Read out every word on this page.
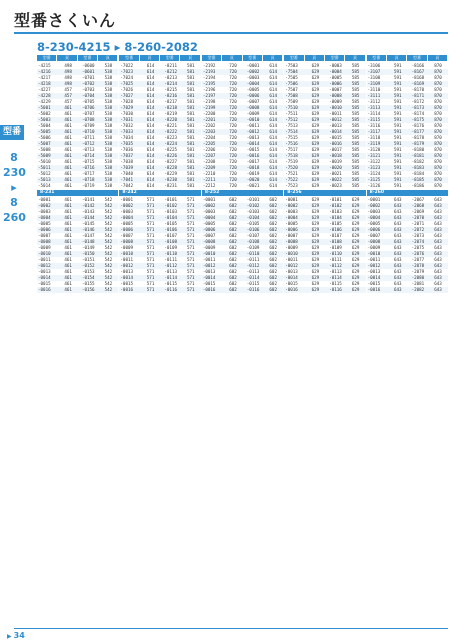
型番さくいん
8-230-4215 ▸ 8-260-2082
型番
8
230
▸
8
260
型番	頁	型番	頁
-4215	498	-0600	538
-4216	498	-0601	538
-4217	498	-0701	538
-4218	498	-0702	538
-4227	457	-0703	538
-4228	457	-0704	538
-4229	457	-0705	538
-5001	461	-0706	538
-5002	461	-0707	538
-5003	461	-0708	538
-5004	461	-0709	538
-5005	461	-0710	538
-5006	461	-0711	538
-5007	461	-0712	538
-5008	461	-0713	538
-5009	461	-0714	538
-5010	461	-0715	538
-5011	461	-0716	538
-5012	461	-0717	538
-5013	461	-0718	538
-5014	461	-0719	538
8-231
-0001	461	-0141	542
-0002	461	-0142	542
-0003	461	-0143	542
-0004	461	-0144	542
-0005	461	-0145	542
-0006	461	-0146	542
-0007	461	-0147	542
-0008	461	-0148	542
-0009	461	-0149	542
-0010	461	-0150	542
-0011	461	-0151	542
-0012	461	-0152	542
-0013	461	-0153	542
-0014	461	-0154	542
-0015	461	-0155	542
-0016	461	-0156	542
型番	頁	型番	頁
-7022	614	-8211	581
-7023	614	-8212	581
-7024	614	-8213	581
-7025	614	-8214	581
-7026	614	-8215	581
-7027	614	-8216	581
-7028	614	-8217	581
-7029	614	-8218	581
-7030	614	-8219	581
-7031	614	-8220	581
-7032	614	-8221	581
-7033	614	-8222	581
-7034	614	-8223	581
-7035	614	-8224	581
-7036	614	-8225	581
-7037	614	-8226	581
-7038	614	-8227	581
-7039	614	-8228	581
-7040	614	-8229	581
-7041	614	-8230	581
-7042	614	-8231	581
8-242
-0001	571	-0101	571
-0002	571	-0102	571
-0003	571	-0103	571
-0004	571	-0104	571
-0005	571	-0105	571
-0006	571	-0106	571
-0007	571	-0107	571
-0008	571	-0108	571
-0009	571	-0109	571
-0010	571	-0110	571
-0011	571	-0111	571
-0012	571	-0112	571
-0013	571	-0113	571
-0014	571	-0114	571
-0015	571	-0115	571
-0016	571	-0116	571
型番	頁	型番	頁
-2192	720	-0001	614
-2193	720	-0002	614
-2194	720	-0003	614
-2195	720	-0004	614
-2196	720	-0005	614
-2197	720	-0006	614
-2198	720	-0007	614
-2199	720	-0008	614
-2200	720	-0009	614
-2201	720	-0010	614
-2202	720	-0011	614
-2203	720	-0012	614
-2204	720	-0013	614
-2205	720	-0014	614
-2206	720	-0015	614
-2207	720	-0016	614
-2208	720	-0017	614
-2209	720	-0018	614
-2210	720	-0019	614
-2211	720	-0020	614
-2212	720	-0021	614
8-252
-0001	602	-0101	602
-0002	602	-0102	602
-0003	602	-0103	602
-0004	602	-0104	602
-0005	602	-0105	602
-0006	602	-0106	602
-0007	602	-0107	602
-0008	602	-0108	602
-0009	602	-0109	602
-0010	602	-0110	602
-0011	602	-0111	602
-0012	602	-0112	602
-0013	602	-0113	602
-0014	602	-0114	602
-0015	602	-0115	602
-0016	602	-0116	602
型番	頁	型番	頁
-7503	629	-0003	585
-7504	629	-0004	585
-7505	629	-0005	585
-7506	629	-0006	585
-7507	629	-0007	585
-7508	629	-0008	585
-7509	629	-0009	585
-7510	629	-0010	585
-7511	629	-0011	585
-7512	629	-0012	585
-7513	629	-0013	585
-7514	629	-0014	585
-7515	629	-0015	585
-7516	629	-0016	585
-7517	629	-0017	585
-7518	629	-0018	585
-7519	629	-0019	585
-7520	629	-0020	585
-7521	629	-0021	585
-7522	629	-0022	585
-7523	629	-0023	585
8-256
-0001	629	-0101	629
-0002	629	-0102	629
-0003	629	-0103	629
-0004	629	-0104	629
-0005	629	-0105	629
-0006	629	-0106	629
-0007	629	-0107	629
-0008	629	-0108	629
-0009	629	-0109	629
-0010	629	-0110	629
-0011	629	-0111	629
-0012	629	-0112	629
-0013	629	-0113	629
-0014	629	-0114	629
-0015	629	-0115	629
-0016	629	-0116	629
型番	頁	型番	頁
-3106	591	-8166	870
-3107	591	-8167	870
-3108	591	-8168	870
-3109	591	-8169	870
-3110	591	-8170	870
-3111	591	-8171	870
-3112	591	-8172	870
-3113	591	-8173	870
-3114	591	-8174	870
-3115	591	-8175	870
-3116	591	-8176	870
-3117	591	-8177	870
-3118	591	-8178	870
-3119	591	-8179	870
-3120	591	-8180	870
-3121	591	-8181	870
-3122	591	-8182	870
-3123	591	-8183	870
-3124	591	-8184	870
-3125	591	-8185	870
-3126	591	-8186	870
8-260
-0001	643	-2067	643
-0002	643	-2068	643
-0003	643	-2069	643
-0004	643	-2070	643
-0005	643	-2071	643
-0006	643	-2072	643
-0007	643	-2073	643
-0008	643	-2074	643
-0009	643	-2075	643
-0010	643	-2076	643
-0011	643	-2077	643
-0012	643	-2078	643
-0013	643	-2079	643
-0014	643	-2080	643
-0015	643	-2081	643
-0016	643	-2082	643
▶ 34
